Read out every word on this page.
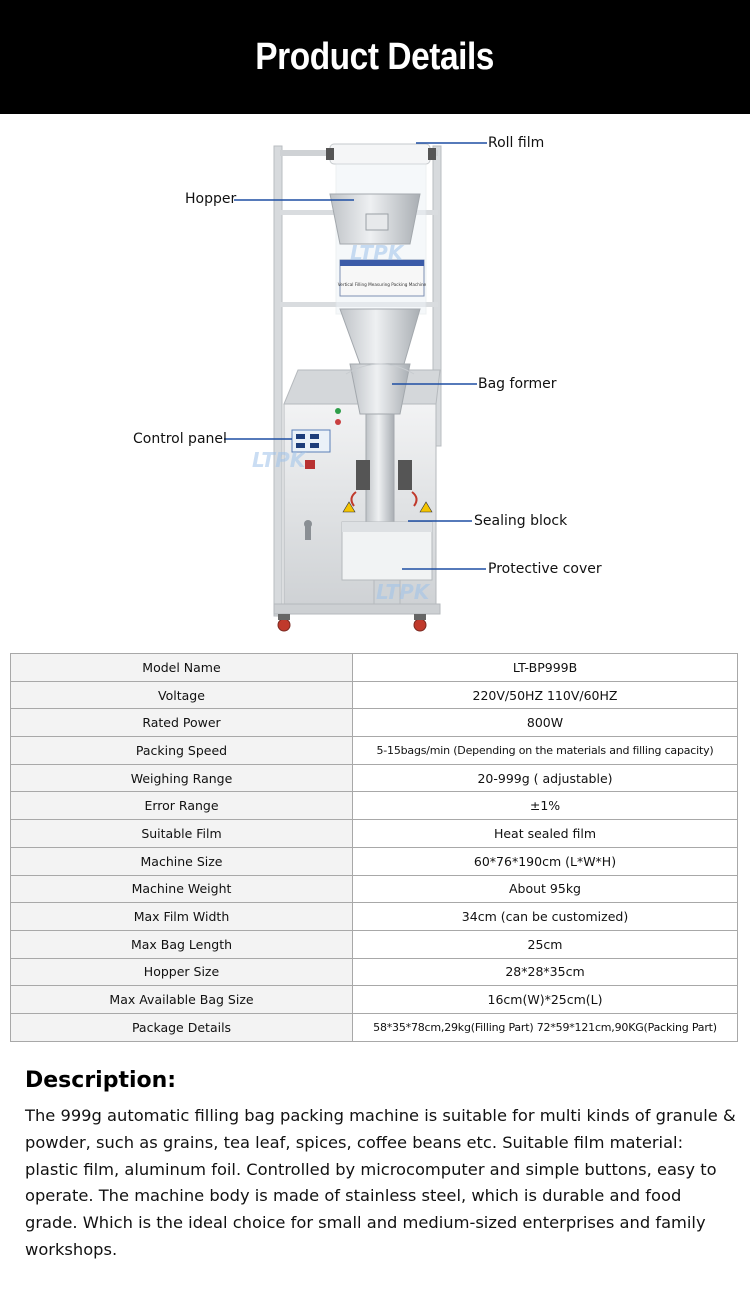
Product Details
Vertical Filling Measuring Packing Machine
LTPK
LTPK
LTPK
Roll film
Hopper
Bag former
Control panel
Sealing block
Protective cover
Model Name	LT-BP999B
Voltage	220V/50HZ 110V/60HZ
Rated Power	800W
Packing Speed	5-15bags/min (Depending on the materials and filling capacity)
Weighing Range	20-999g ( adjustable)
Error Range	±1%
Suitable Film	Heat sealed film
Machine Size	60*76*190cm (L*W*H)
Machine Weight	About 95kg
Max Film Width	34cm (can be customized)
Max Bag Length	25cm
Hopper Size	28*28*35cm
Max Available Bag Size	16cm(W)*25cm(L)
Package Details	58*35*78cm,29kg(Filling Part) 72*59*121cm,90KG(Packing Part)
Description:

The 999g automatic filling bag packing machine is suitable for multi kinds of granule & powder, such as grains, tea leaf, spices, coffee beans etc. Suitable film material: plastic film, aluminum foil. Controlled by microcomputer and simple buttons, easy to operate. The machine body is made of stainless steel, which is durable and food grade. Which is the ideal choice for small and medium-sized enterprises and family workshops.
